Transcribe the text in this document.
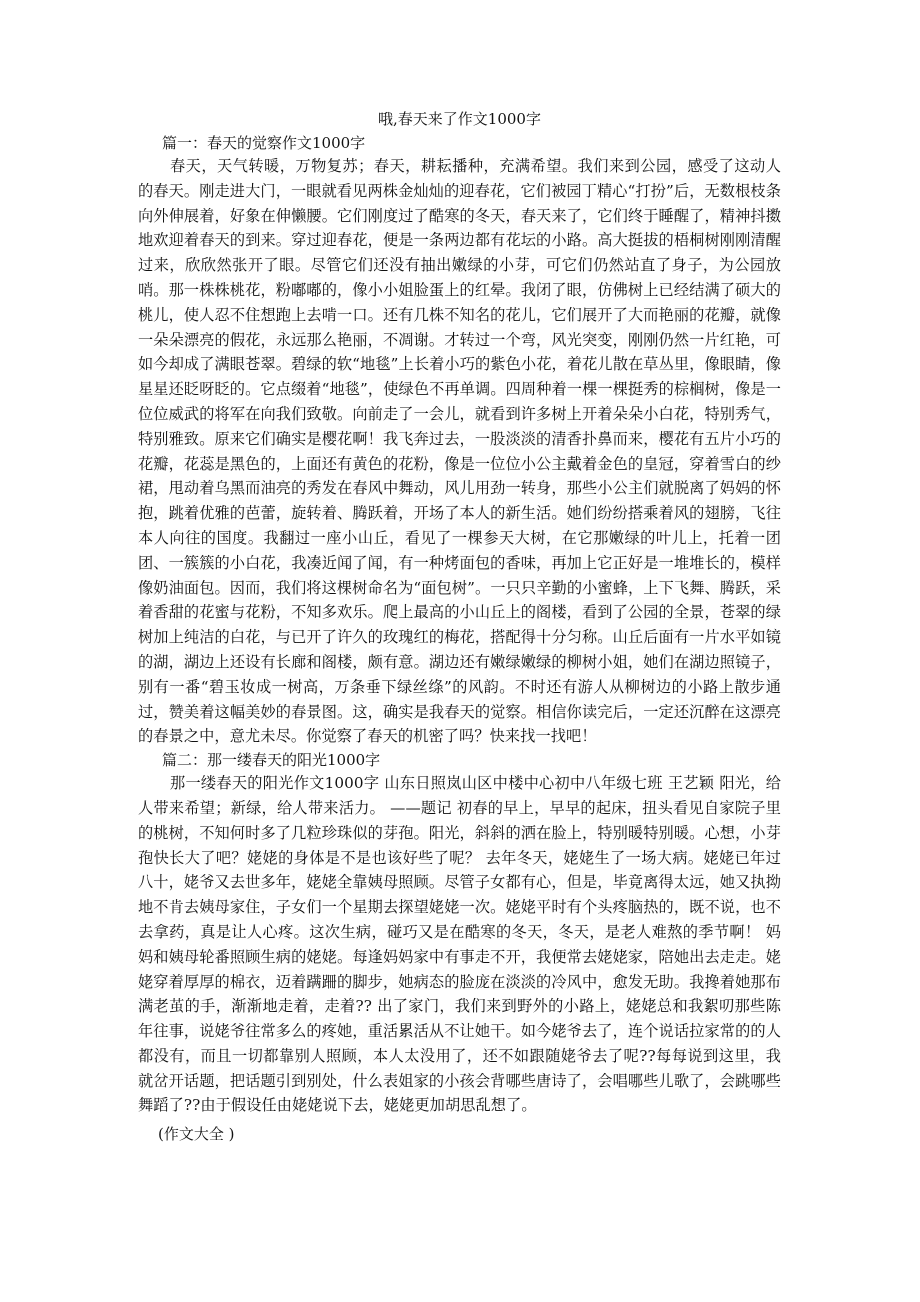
哦,春天来了作文1000字

篇一：春天的觉察作文1000字

春天，天气转暖，万物复苏；春天，耕耘播种，充满希望。我们来到公园，感受了这动人的春天。刚走进大门，一眼就看见两株金灿灿的迎春花，它们被园丁精心“打扮”后，无数根枝条向外伸展着，好象在伸懒腰。它们刚度过了酷寒的冬天，春天来了，它们终于睡醒了，精神抖擞地欢迎着春天的到来。穿过迎春花，便是一条两边都有花坛的小路。高大挺拔的梧桐树刚刚清醒过来，欣欣然张开了眼。尽管它们还没有抽出嫩绿的小芽，可它们仍然站直了身子，为公园放哨。那一株株桃花，粉嘟嘟的，像小小姐脸蛋上的红晕。我闭了眼，仿佛树上已经结满了硕大的桃儿，使人忍不住想跑上去啃一口。还有几株不知名的花儿，它们展开了大而艳丽的花瓣，就像一朵朵漂亮的假花，永远那么艳丽，不凋谢。才转过一个弯，风光突变，刚刚仍然一片红艳，可如今却成了满眼苍翠。碧绿的软“地毯”上长着小巧的紫色小花，着花儿散在草丛里，像眼睛，像星星还眨呀眨的。它点缀着“地毯”，使绿色不再单调。四周种着一棵一棵挺秀的棕榈树，像是一位位威武的将军在向我们致敬。向前走了一会儿，就看到许多树上开着朵朵小白花，特别秀气，特别雅致。原来它们确实是樱花啊！我飞奔过去，一股淡淡的清香扑鼻而来，樱花有五片小巧的花瓣，花蕊是黑色的，上面还有黄色的花粉，像是一位位小公主戴着金色的皇冠，穿着雪白的纱裙，甩动着乌黑而油亮的秀发在春风中舞动，风儿用劲一转身，那些小公主们就脱离了妈妈的怀抱，跳着优雅的芭蕾，旋转着、腾跃着，开场了本人的新生活。她们纷纷搭乘着风的翅膀，飞往本人向往的国度。我翻过一座小山丘，看见了一棵参天大树，在它那嫩绿的叶儿上，托着一团团、一簇簇的小白花，我凑近闻了闻，有一种烤面包的香味，再加上它正好是一堆堆长的，模样像奶油面包。因而，我们将这棵树命名为“面包树”。一只只辛勤的小蜜蜂，上下飞舞、腾跃，采着香甜的花蜜与花粉，不知多欢乐。爬上最高的小山丘上的阁楼，看到了公园的全景，苍翠的绿树加上纯洁的白花，与已开了许久的玫瑰红的梅花，搭配得十分匀称。山丘后面有一片水平如镜的湖，湖边上还设有长廊和阁楼，颇有意。湖边还有嫩绿嫩绿的柳树小姐，她们在湖边照镜子，别有一番“碧玉妆成一树高，万条垂下绿丝绦”的风韵。不时还有游人从柳树边的小路上散步通过，赞美着这幅美妙的春景图。这，确实是我春天的觉察。相信你读完后，一定还沉醉在这漂亮的春景之中，意尤未尽。你觉察了春天的机密了吗？快来找一找吧！

篇二：那一缕春天的阳光1000字

那一缕春天的阳光作文1000字 山东日照岚山区中楼中心初中八年级七班 王艺颖 阳光，给人带来希望；新绿，给人带来活力。 ——题记 初春的早上，早早的起床，扭头看见自家院子里的桃树，不知何时多了几粒珍珠似的芽孢。阳光，斜斜的洒在脸上，特别暖特别暖。心想，小芽孢快长大了吧？姥姥的身体是不是也该好些了呢？ 去年冬天，姥姥生了一场大病。姥姥已年过八十，姥爷又去世多年，姥姥全靠姨母照顾。尽管子女都有心，但是，毕竟离得太远，她又执拗地不肯去姨母家住，子女们一个星期去探望姥姥一次。姥姥平时有个头疼脑热的，既不说，也不去拿药，真是让人心疼。这次生病，碰巧又是在酷寒的冬天，冬天，是老人难熬的季节啊！ 妈妈和姨母轮番照顾生病的姥姥。每逢妈妈家中有事走不开，我便常去姥姥家，陪她出去走走。姥姥穿着厚厚的棉衣，迈着蹒跚的脚步，她病态的脸庞在淡淡的冷风中，愈发无助。我搀着她那布满老茧的手，渐渐地走着，走着?? 出了家门，我们来到野外的小路上，姥姥总和我絮叨那些陈年往事，说姥爷往常多么的疼她，重活累活从不让她干。如今姥爷去了，连个说话拉家常的的人都没有，而且一切都靠别人照顾，本人太没用了，还不如跟随姥爷去了呢??每每说到这里，我就岔开话题，把话题引到别处，什么表姐家的小孩会背哪些唐诗了，会唱哪些儿歌了，会跳哪些舞蹈了??由于假设任由姥姥说下去，姥姥更加胡思乱想了。

(作文大全 )
